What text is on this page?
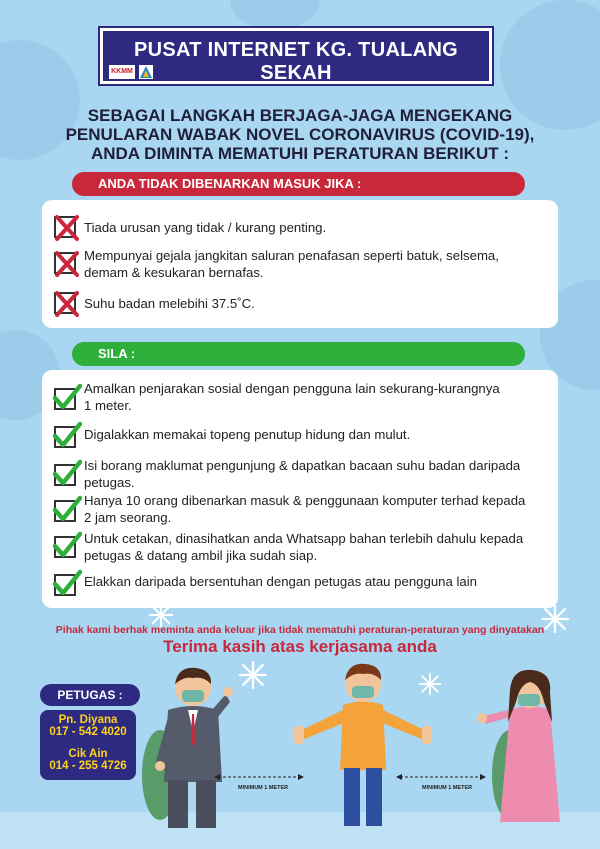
PUSAT INTERNET KG. TUALANG SEKAH
KKMM
SEBAGAI LANGKAH BERJAGA-JAGA MENGEKANG
PENULARAN WABAK NOVEL CORONAVIRUS (COVID-19),
ANDA DIMINTA MEMATUHI PERATURAN BERIKUT :
ANDA TIDAK DIBENARKAN MASUK JIKA :
Tiada urusan yang tidak / kurang penting.
Mempunyai gejala jangkitan saluran penafasan seperti batuk, selsema,
demam & kesukaran bernafas.
Suhu badan melebihi 37.5˚C.
SILA :
Amalkan penjarakan sosial dengan pengguna lain sekurang-kurangnya
1 meter.
Digalakkan memakai topeng penutup hidung dan mulut.
Isi borang maklumat pengunjung & dapatkan bacaan suhu badan daripada
petugas.
Hanya 10 orang dibenarkan masuk & penggunaan komputer terhad kepada
2 jam seorang.
Untuk cetakan, dinasihatkan anda Whatsapp bahan terlebih dahulu kepada
petugas & datang ambil jika sudah siap.
Elakkan daripada bersentuhan dengan petugas atau pengguna lain
Pihak kami berhak meminta anda keluar jika tidak mematuhi peraturan-peraturan yang dinyatakan
Terima kasih atas kerjasama anda
PETUGAS :
Pn. Diyana
017 - 542 4020
Cik Ain
014 - 255 4726
MINIMUM 1 METER	MINIMUM 1 METER
